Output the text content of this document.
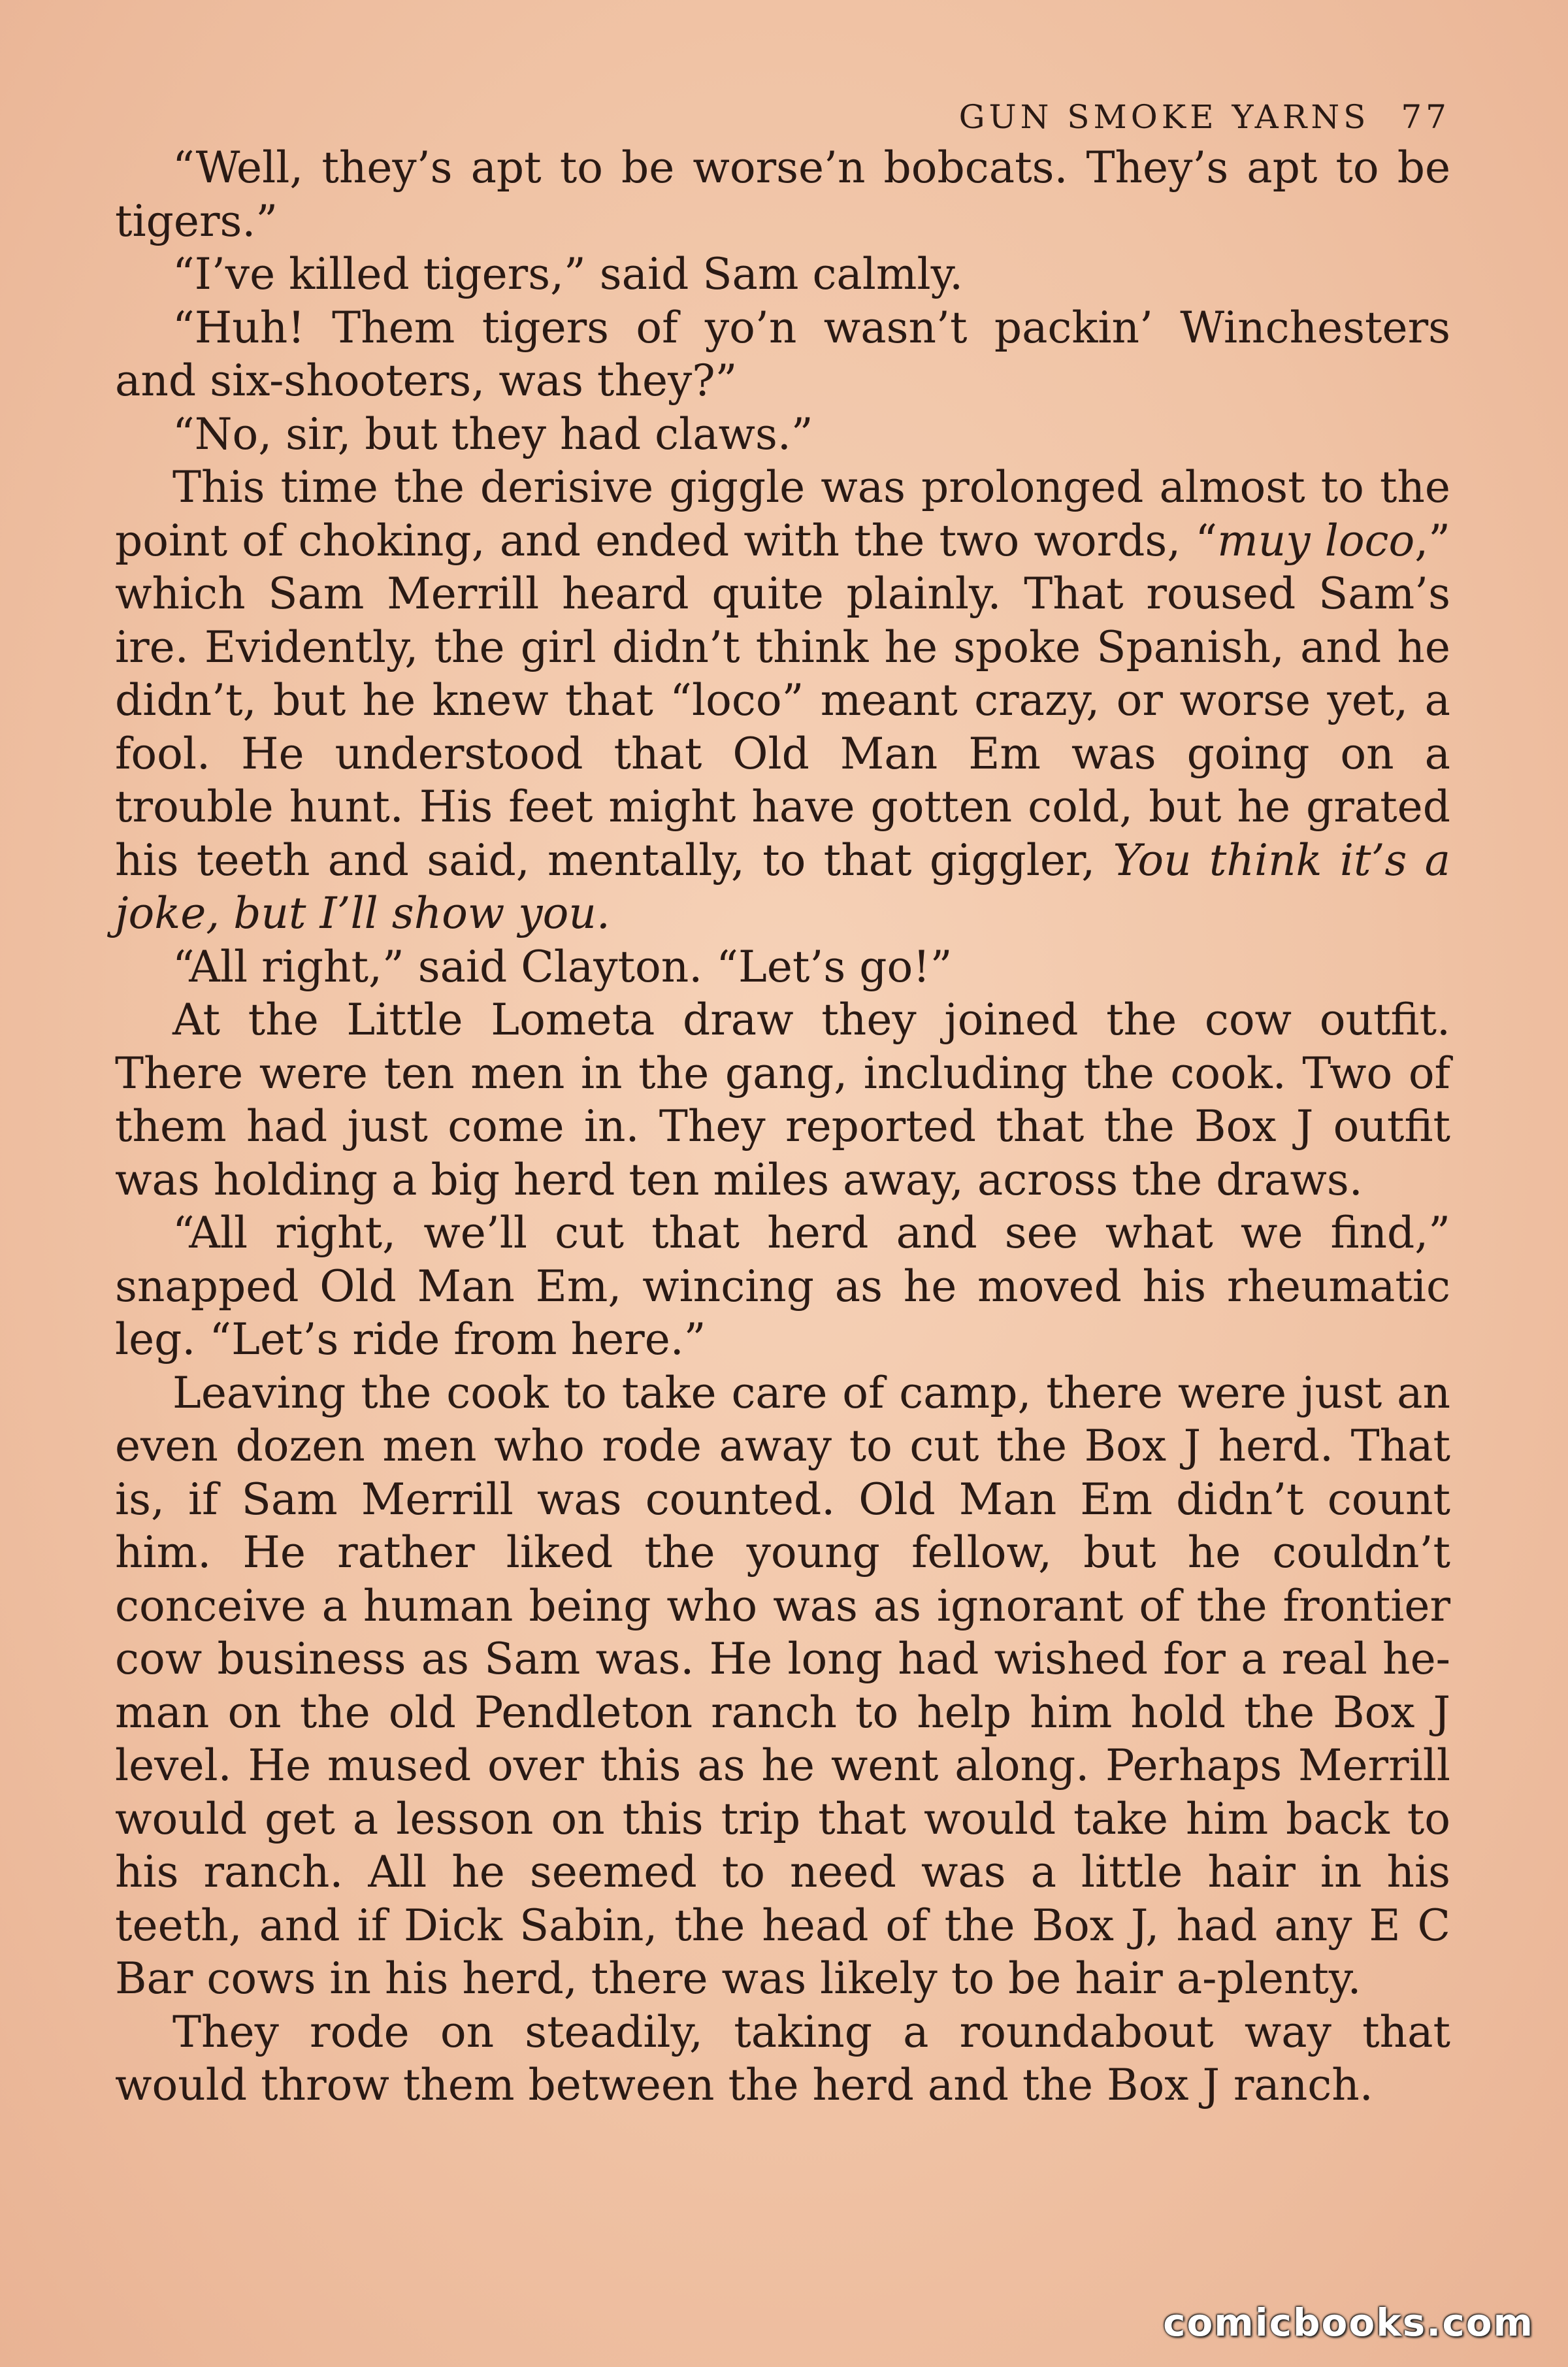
GUN SMOKE YARNS 77

“Well, they’s apt to be worse’n bobcats. They’s apt to be tigers.”

“I’ve killed tigers,” said Sam calmly.

“Huh! Them tigers of yo’n wasn’t packin’ Winchesters and six-shooters, was they?”

“No, sir, but they had claws.”

This time the derisive giggle was prolonged almost to the point of choking, and ended with the two words, “muy loco,” which Sam Merrill heard quite plainly. That roused Sam’s ire. Evidently, the girl didn’t think he spoke Spanish, and he didn’t, but he knew that “loco” meant crazy, or worse yet, a fool. He understood that Old Man Em was going on a trouble hunt. His feet might have gotten cold, but he grated his teeth and said, mentally, to that giggler, You think it’s a joke, but I’ll show you.

“All right,” said Clayton. “Let’s go!”

At the Little Lometa draw they joined the cow outfit. There were ten men in the gang, including the cook. Two of them had just come in. They reported that the Box J outfit was holding a big herd ten miles away, across the draws.

“All right, we’ll cut that herd and see what we find,” snapped Old Man Em, wincing as he moved his rheumatic leg. “Let’s ride from here.”

Leaving the cook to take care of camp, there were just an even dozen men who rode away to cut the Box J herd. That is, if Sam Merrill was counted. Old Man Em didn’t count him. He rather liked the young fellow, but he couldn’t conceive a human being who was as ignorant of the frontier cow business as Sam was. He long had wished for a real he-man on the old Pendleton ranch to help him hold the Box J level. He mused over this as he went along. Perhaps Merrill would get a lesson on this trip that would take him back to his ranch. All he seemed to need was a little hair in his teeth, and if Dick Sabin, the head of the Box J, had any E C Bar cows in his herd, there was likely to be hair a-plenty.

They rode on steadily, taking a roundabout way that would throw them between the herd and the Box J ranch.

comicbooks.com
